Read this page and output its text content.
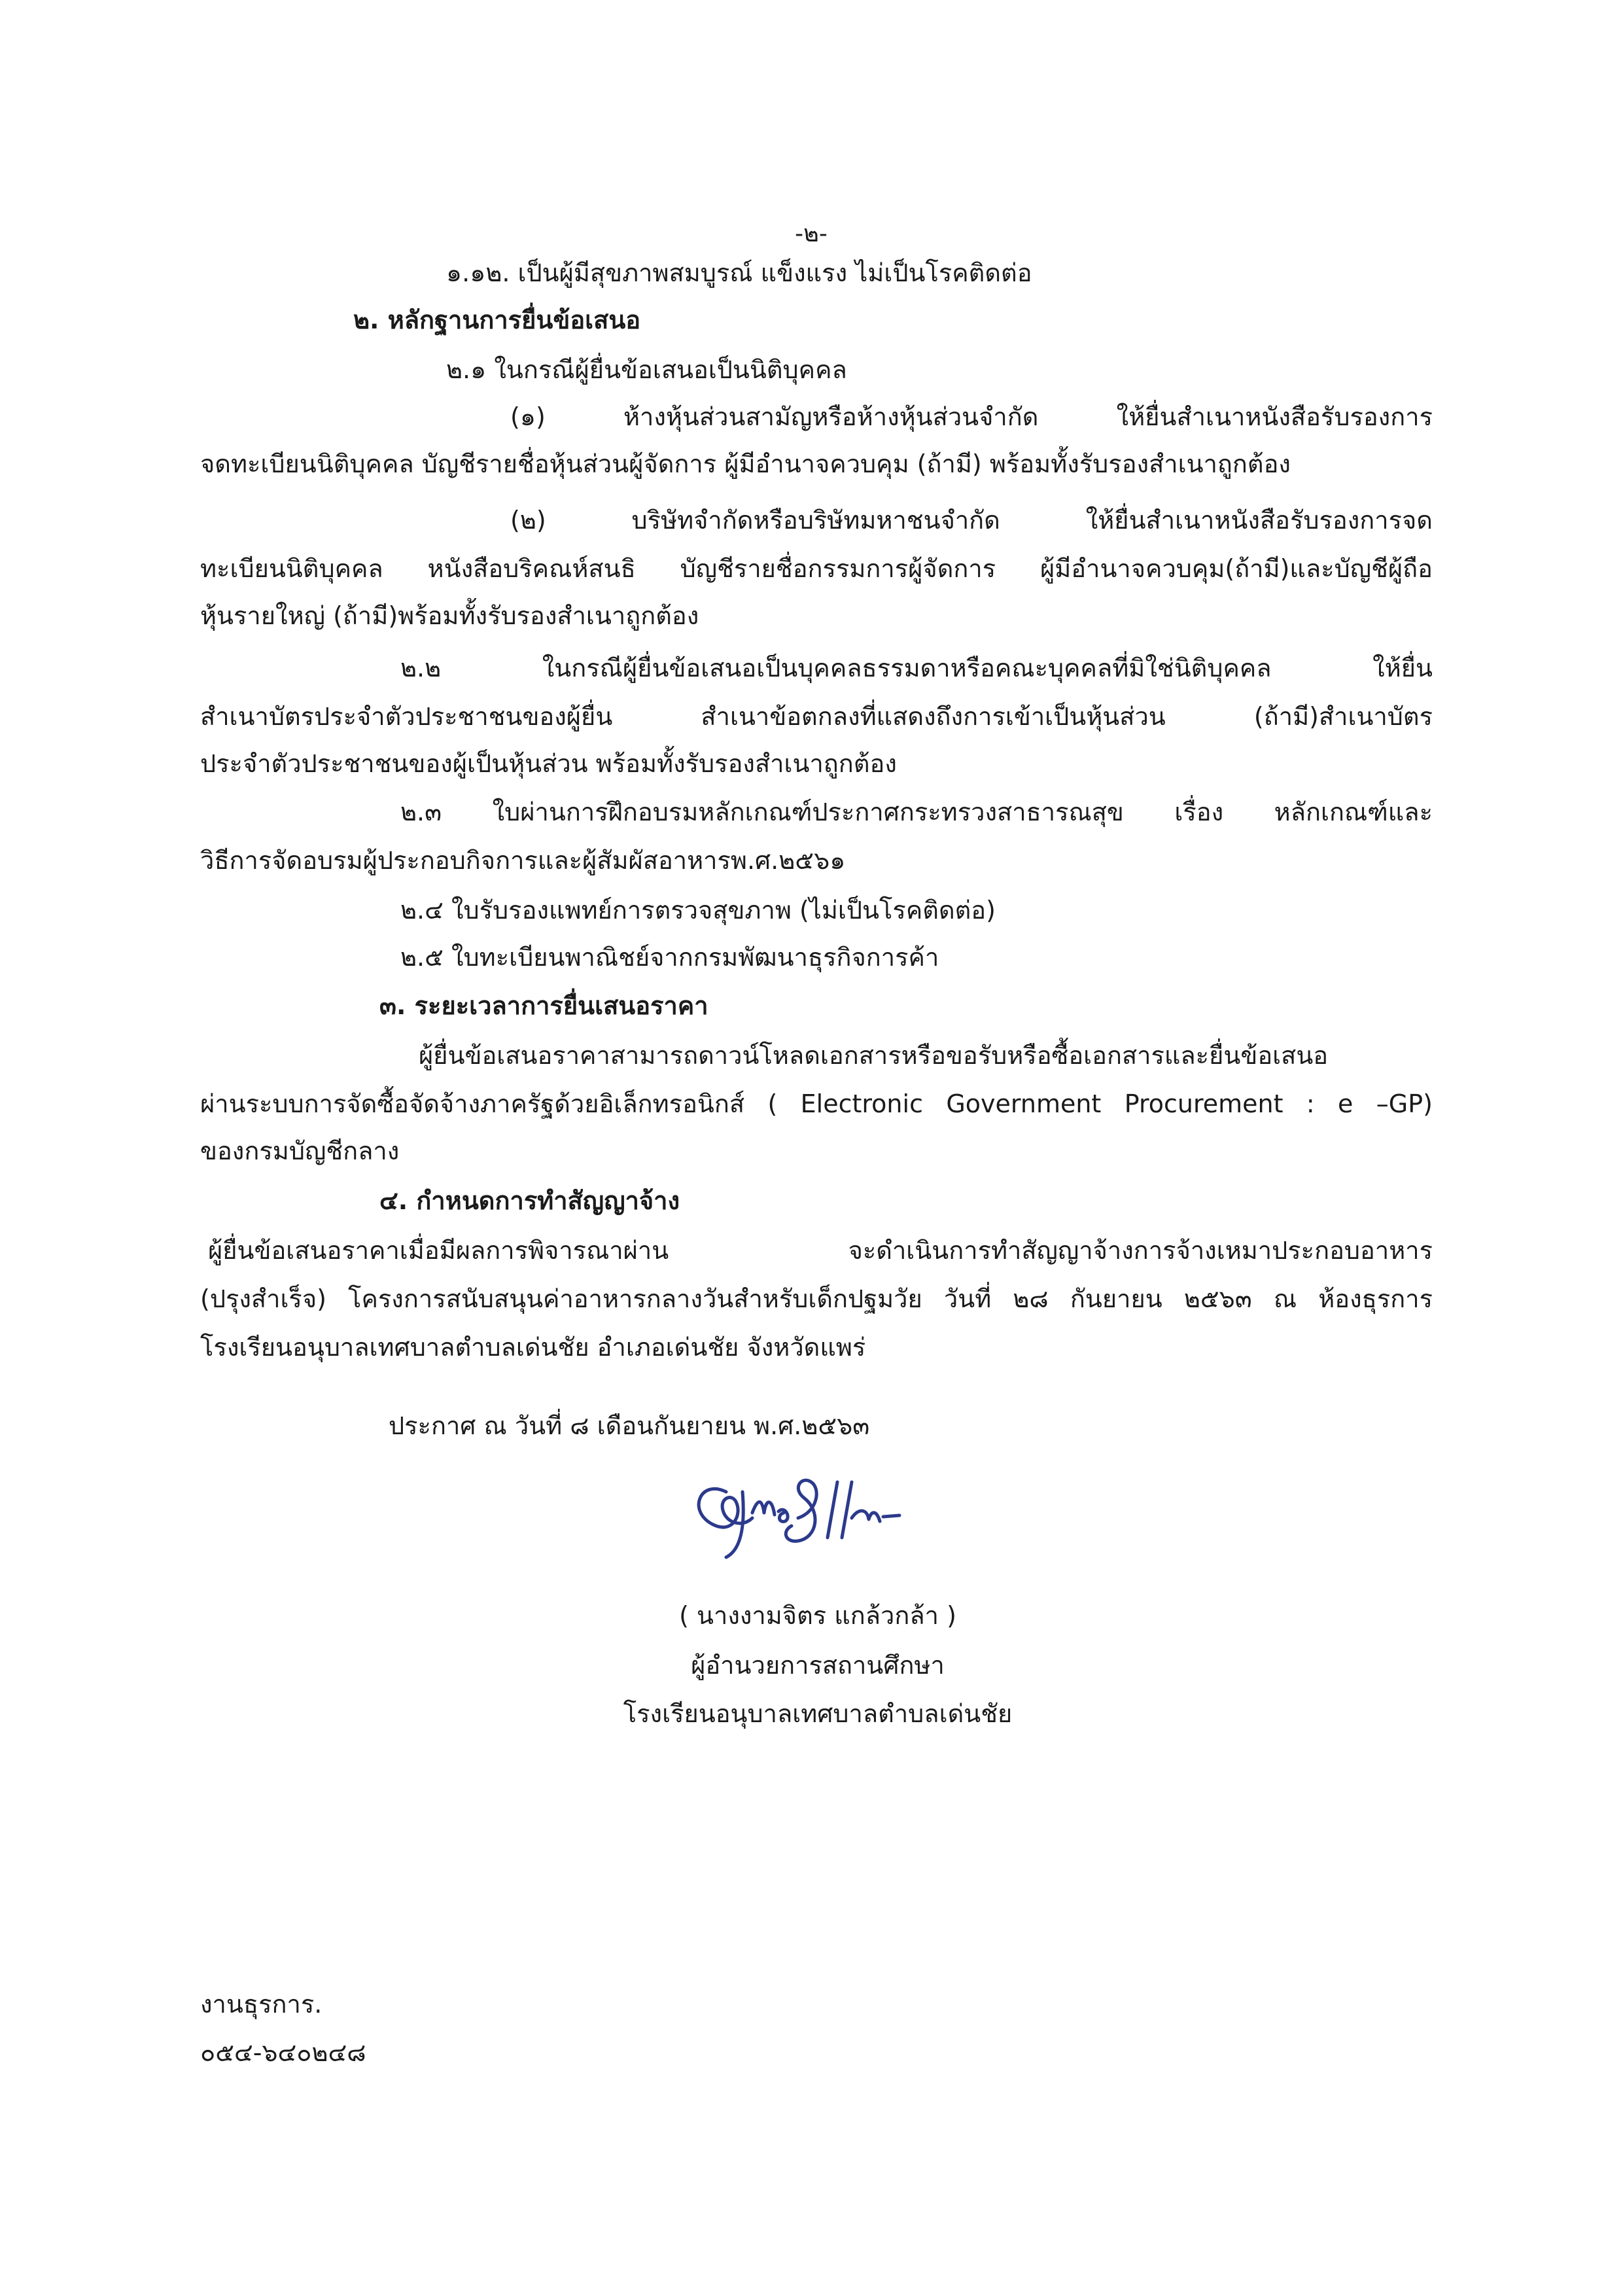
-๒-
๑.๑๒. เป็นผู้มีสุขภาพสมบูรณ์ แข็งแรง ไม่เป็นโรคติดต่อ
๒. หลักฐานการยื่นข้อเสนอ
๒.๑ ในกรณีผู้ยื่นข้อเสนอเป็นนิติบุคคล
(๑) ห้างหุ้นส่วนสามัญหรือห้างหุ้นส่วนจำกัด ให้ยื่นสำเนาหนังสือรับรองการ
จดทะเบียนนิติบุคคล บัญชีรายชื่อหุ้นส่วนผู้จัดการ ผู้มีอำนาจควบคุม (ถ้ามี) พร้อมทั้งรับรองสำเนาถูกต้อง
(๒) บริษัทจำกัดหรือบริษัทมหาชนจำกัด ให้ยื่นสำเนาหนังสือรับรองการจด
ทะเบียนนิติบุคคล หนังสือบริคณห์สนธิ บัญชีรายชื่อกรรมการผู้จัดการ ผู้มีอำนาจควบคุม(ถ้ามี)และบัญชีผู้ถือ
หุ้นรายใหญ่ (ถ้ามี)พร้อมทั้งรับรองสำเนาถูกต้อง
๒.๒ ในกรณีผู้ยื่นข้อเสนอเป็นบุคคลธรรมดาหรือคณะบุคคลที่มิใช่นิติบุคคล ให้ยื่น
สำเนาบัตรประจำตัวประชาชนของผู้ยื่น สำเนาข้อตกลงที่แสดงถึงการเข้าเป็นหุ้นส่วน (ถ้ามี)สำเนาบัตร
ประจำตัวประชาชนของผู้เป็นหุ้นส่วน พร้อมทั้งรับรองสำเนาถูกต้อง
๒.๓ ใบผ่านการฝึกอบรมหลักเกณฑ์ประกาศกระทรวงสาธารณสุข เรื่อง หลักเกณฑ์และ
วิธีการจัดอบรมผู้ประกอบกิจการและผู้สัมผัสอาหารพ.ศ.๒๕๖๑
๒.๔ ใบรับรองแพทย์การตรวจสุขภาพ (ไม่เป็นโรคติดต่อ)
๒.๕ ใบทะเบียนพาณิชย์จากกรมพัฒนาธุรกิจการค้า
๓. ระยะเวลาการยื่นเสนอราคา
ผู้ยื่นข้อเสนอราคาสามารถดาวน์โหลดเอกสารหรือขอรับหรือซื้อเอกสารและยื่นข้อเสนอ
ผ่านระบบการจัดซื้อจัดจ้างภาครัฐด้วยอิเล็กทรอนิกส์ ( Electronic Government Procurement : e –GP)
ของกรมบัญชีกลาง
๔. กำหนดการทำสัญญาจ้าง
ผู้ยื่นข้อเสนอราคาเมื่อมีผลการพิจารณาผ่าน จะดำเนินการทำสัญญาจ้างการจ้างเหมาประกอบอาหาร
(ปรุงสำเร็จ) โครงการสนับสนุนค่าอาหารกลางวันสำหรับเด็กปฐมวัย วันที่ ๒๘ กันยายน ๒๕๖๓ ณ ห้องธุรการ
โรงเรียนอนุบาลเทศบาลตำบลเด่นชัย อำเภอเด่นชัย จังหวัดแพร่
ประกาศ ณ วันที่ ๘ เดือนกันยายน พ.ศ.๒๕๖๓
( นางงามจิตร แกล้วกล้า )
ผู้อำนวยการสถานศึกษา
โรงเรียนอนุบาลเทศบาลตำบลเด่นชัย
งานธุรการ.
๐๕๔-๖๔๐๒๔๘
